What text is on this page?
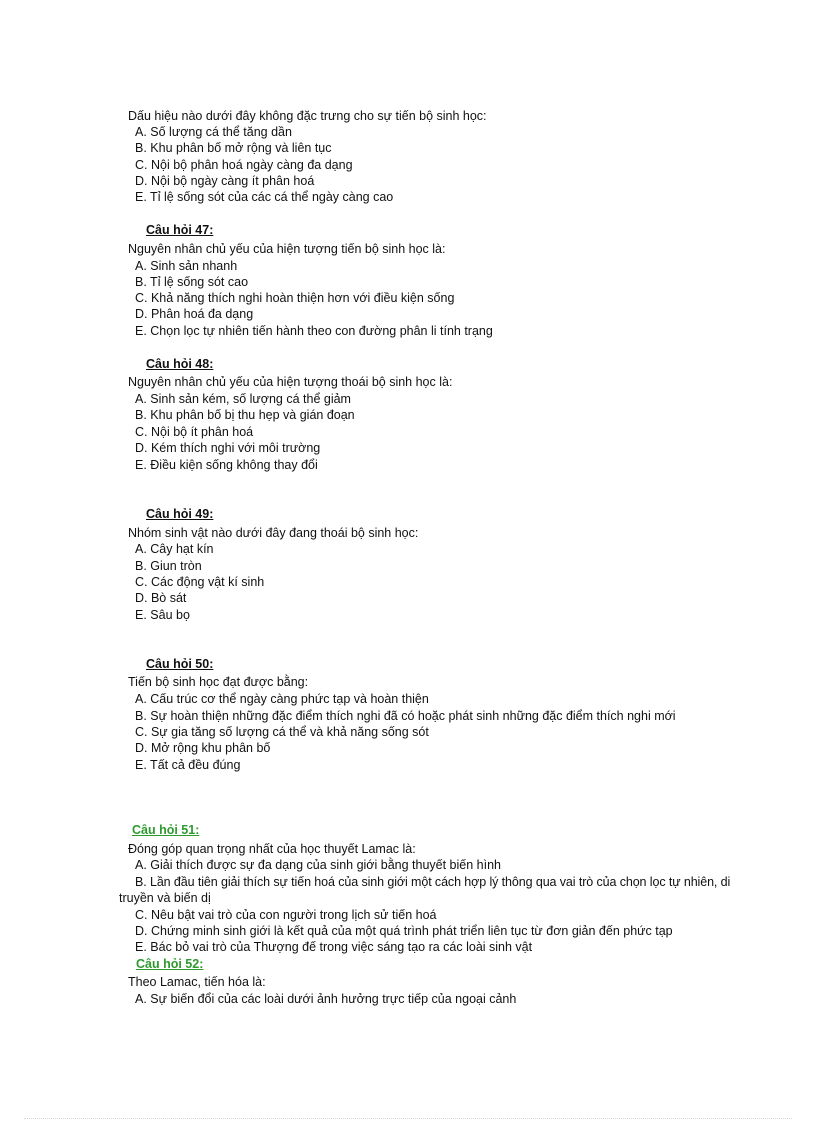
Dấu hiệu nào dưới đây không đặc trưng cho sự tiến bộ sinh học:
A. Số lượng cá thể tăng dần
B. Khu phân bố mở rộng và liên tục
C. Nội bộ phân hoá ngày càng đa dạng
D. Nội bộ ngày càng ít phân hoá
E. Tỉ lệ sống sót của các cá thể ngày càng cao
Câu hỏi 47:
Nguyên nhân chủ yếu của hiện tượng tiến bộ sinh học là:
A. Sinh sản nhanh
B. Tỉ lệ sống sót cao
C. Khả năng thích nghi hoàn thiện hơn với điều kiện sống
D. Phân hoá đa dạng
E. Chọn lọc tự nhiên tiến hành theo con đường phân li tính trạng
Câu hỏi 48:
Nguyên nhân chủ yếu của hiện tượng thoái bộ sinh học là:
A. Sinh sản kém, số lượng cá thể giảm
B. Khu phân bố bị thu hẹp và gián đoạn
C. Nội bộ ít phân hoá
D. Kém thích nghi với môi trường
E. Điều kiện sống không thay đổi
Câu hỏi 49:
Nhóm sinh vật nào dưới đây đang thoái bộ sinh học:
A. Cây hạt kín
B. Giun tròn
C. Các động vật kí sinh
D. Bò sát
E. Sâu bọ
Câu hỏi 50:
Tiến bộ sinh học đạt được bằng:
A. Cấu trúc cơ thể ngày càng phức tạp và hoàn thiện
B. Sự hoàn thiện những đặc điểm thích nghi đã có hoặc phát sinh những đặc điểm thích nghi mới
C. Sự gia tăng số lượng cá thể và khả năng sống sót
D. Mở rộng khu phân bố
E. Tất cả đều đúng
Câu hỏi 51:
Đóng góp quan trọng nhất của học thuyết Lamac là:
A. Giải thích được sự đa dạng của sinh giới bằng thuyết biến hình
B. Lần đầu tiên giải thích sự tiến hoá của sinh giới một cách hợp lý thông qua vai trò của chọn lọc tự nhiên, di
truyền và biến dị
C. Nêu bật vai trò của con người trong lịch sử tiến hoá
D. Chứng minh sinh giới là kết quả của một quá trình phát triển liên tục từ đơn giản đến phức tạp
E. Bác bỏ vai trò của Thượng đế trong việc sáng tạo ra các loài sinh vật
Câu hỏi 52:
Theo Lamac, tiến hóa là:
A. Sự biến đổi của các loài dưới ảnh hưởng trực tiếp của ngoại cảnh
